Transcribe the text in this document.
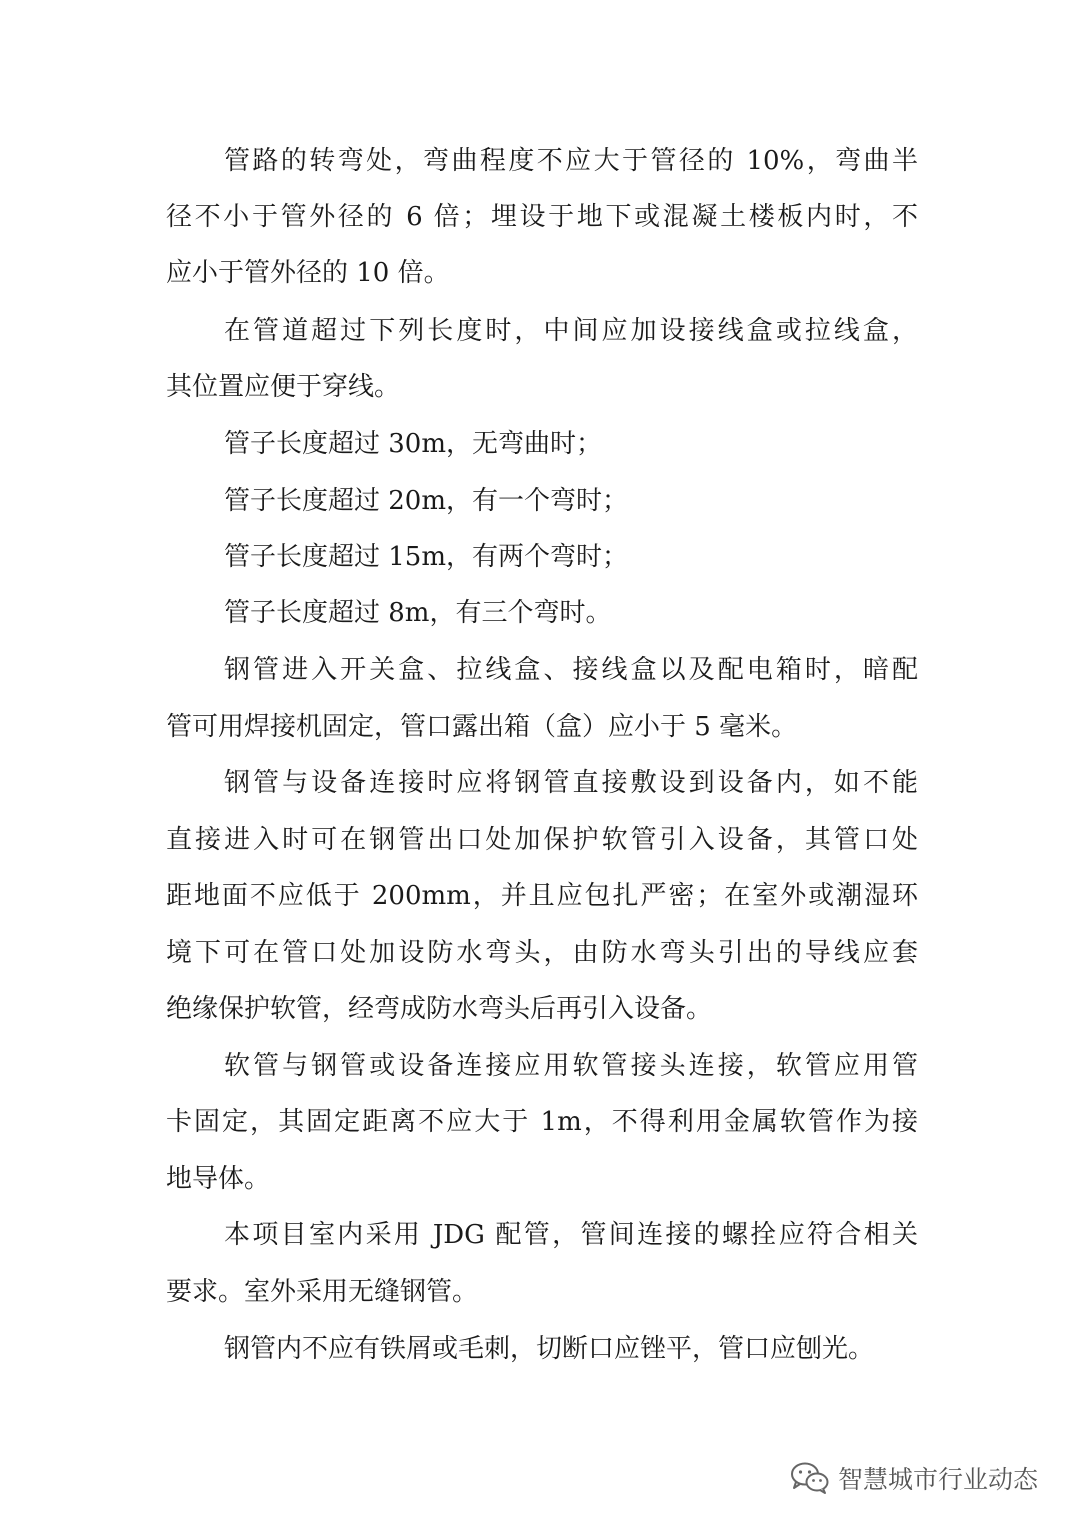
管路的转弯处，弯曲程度不应大于管径的 10%，弯曲半
径不小于管外径的 6 倍；埋设于地下或混凝土楼板内时，不
应小于管外径的 10 倍。
在管道超过下列长度时，中间应加设接线盒或拉线盒，
其位置应便于穿线。
管子长度超过 30m，无弯曲时；
管子长度超过 20m，有一个弯时；
管子长度超过 15m，有两个弯时；
管子长度超过 8m，有三个弯时。
钢管进入开关盒、拉线盒、接线盒以及配电箱时，暗配
管可用焊接机固定，管口露出箱（盒）应小于 5 毫米。
钢管与设备连接时应将钢管直接敷设到设备内，如不能
直接进入时可在钢管出口处加保护软管引入设备，其管口处
距地面不应低于 200mm，并且应包扎严密；在室外或潮湿环
境下可在管口处加设防水弯头，由防水弯头引出的导线应套
绝缘保护软管，经弯成防水弯头后再引入设备。
软管与钢管或设备连接应用软管接头连接，软管应用管
卡固定，其固定距离不应大于 1m，不得利用金属软管作为接
地导体。
本项目室内采用 JDG 配管，管间连接的螺拴应符合相关
要求。室外采用无缝钢管。
钢管内不应有铁屑或毛刺，切断口应锉平，管口应刨光。
智慧城市行业动态
